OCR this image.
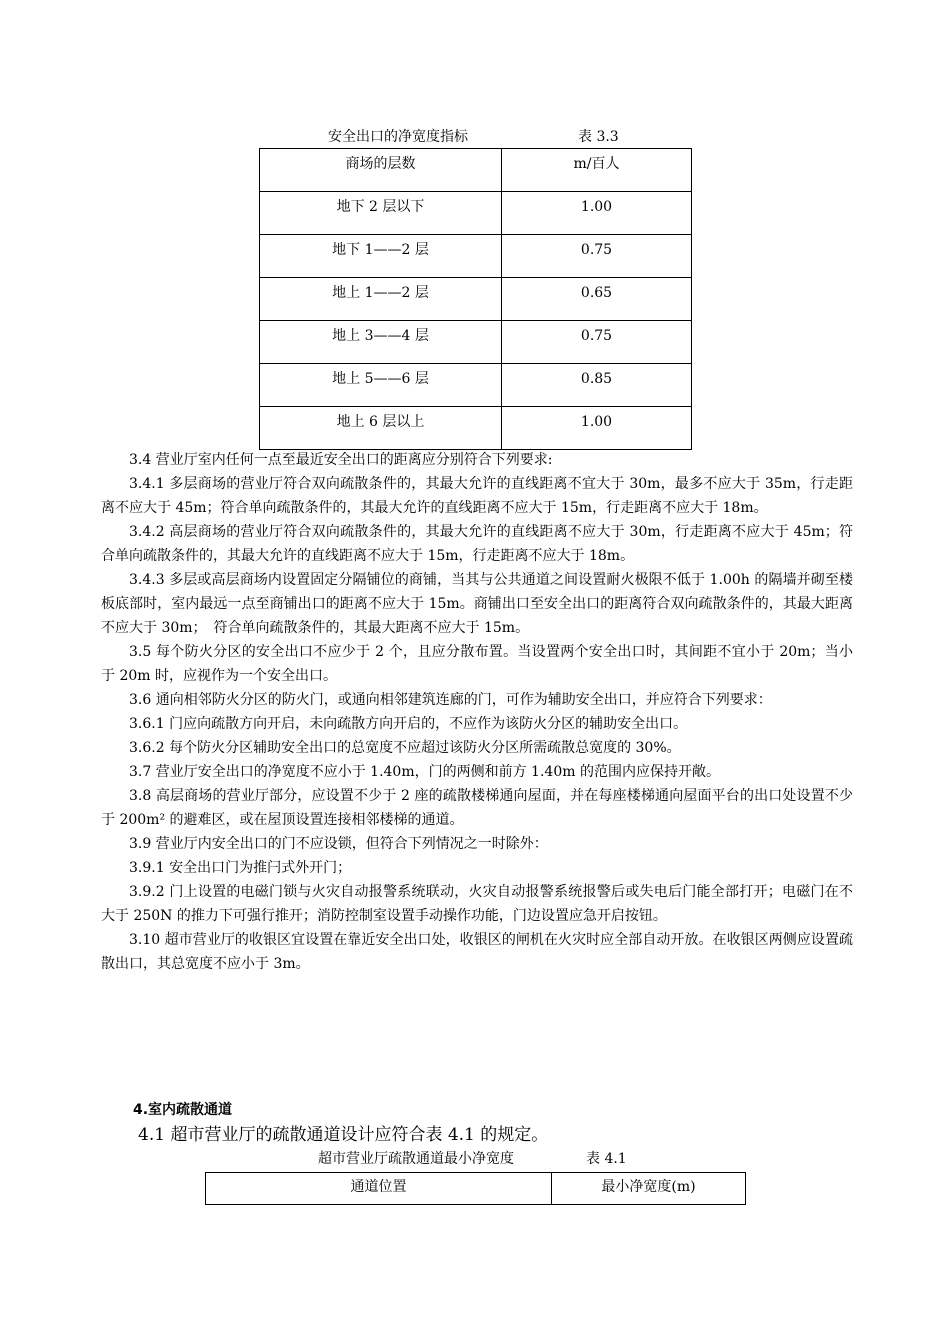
安全出口的净宽度指标	表 3.3
商场的层数	m/百人
地下 2 层以下	1.00
地下 1——2 层	0.75
地上 1——2 层	0.65
地上 3——4 层	0.75
地上 5——6 层	0.85
地上 6 层以上	1.00

3.4 营业厅室内任何一点至最近安全出口的距离应分别符合下列要求:

3.4.1 多层商场的营业厅符合双向疏散条件的，其最大允许的直线距离不宜大于 30m，最多不应大于 35m，行走距离不应大于 45m；符合单向疏散条件的，其最大允许的直线距离不应大于 15m，行走距离不应大于 18m。

3.4.2 高层商场的营业厅符合双向疏散条件的，其最大允许的直线距离不应大于 30m，行走距离不应大于 45m；符合单向疏散条件的，其最大允许的直线距离不应大于 15m，行走距离不应大于 18m。

3.4.3 多层或高层商场内设置固定分隔铺位的商铺，当其与公共通道之间设置耐火极限不低于 1.00h 的隔墙并砌至楼板底部时，室内最远一点至商铺出口的距离不应大于 15m。商铺出口至安全出口的距离符合双向疏散条件的，其最大距离不应大于 30m；　符合单向疏散条件的，其最大距离不应大于 15m。

3.5 每个防火分区的安全出口不应少于 2 个，且应分散布置。当设置两个安全出口时，其间距不宜小于 20m；当小于 20m 时，应视作为一个安全出口。

3.6 通向相邻防火分区的防火门，或通向相邻建筑连廊的门，可作为辅助安全出口，并应符合下列要求：

3.6.1 门应向疏散方向开启，未向疏散方向开启的，不应作为该防火分区的辅助安全出口。

3.6.2 每个防火分区辅助安全出口的总宽度不应超过该防火分区所需疏散总宽度的 30%。

3.7 营业厅安全出口的净宽度不应小于 1.40m，门的两侧和前方 1.40m 的范围内应保持开敞。

3.8 高层商场的营业厅部分，应设置不少于 2 座的疏散楼梯通向屋面，并在每座楼梯通向屋面平台的出口处设置不少于 200m² 的避难区，或在屋顶设置连接相邻楼梯的通道。

3.9 营业厅内安全出口的门不应设锁，但符合下列情况之一时除外：

3.9.1 安全出口门为推闩式外开门；

3.9.2 门上设置的电磁门锁与火灾自动报警系统联动，火灾自动报警系统报警后或失电后门能全部打开；电磁门在不大于 250N 的推力下可强行推开；消防控制室设置手动操作功能，门边设置应急开启按钮。

3.10 超市营业厅的收银区宜设置在靠近安全出口处，收银区的闸机在火灾时应全部自动开放。在收银区两侧应设置疏散出口，其总宽度不应小于 3m。

4.室内疏散通道
4.1 超市营业厅的疏散通道设计应符合表 4.1 的规定。
超市营业厅疏散通道最小净宽度	表 4.1
通道位置	最小净宽度(m)
